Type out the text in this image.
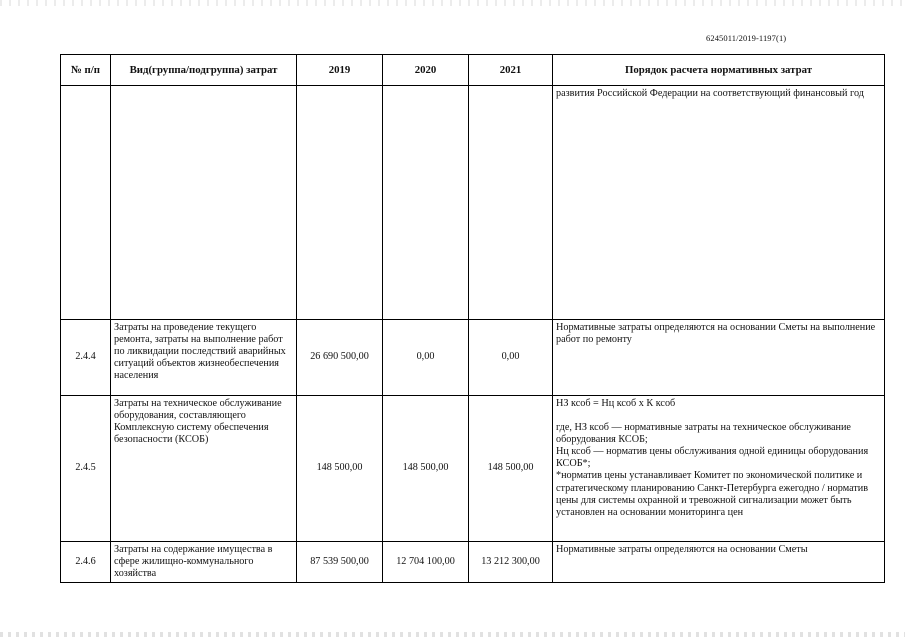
6245011/2019-1197(1)
№ п/п	Вид(группа/подгруппа) затрат	2019	2020	2021	Порядок расчета нормативных затрат
					развития Российской Федерации на соответствующий финансовый год
2.4.4	Затраты на проведение текущего ремонта, затраты на выполнение работ по ликвидации последствий аварийных ситуаций объектов жизнеобеспечения населения	26 690 500,00	0,00	0,00	Нормативные затраты определяются на основании Сметы на выполнение работ по ремонту
2.4.5	Затраты на техническое обслуживание оборудования, составляющего Комплексную систему обеспечения безопасности (КСОБ)	148 500,00	148 500,00	148 500,00	НЗ ксоб = Нц ксоб х К ксоб

где, НЗ ксоб — нормативные затраты на техническое обслуживание оборудования КСОБ;

Нц ксоб — норматив цены обслуживания одной единицы оборудования КСОБ*;

*норматив цены устанавливает Комитет по экономической политике и стратегическому планированию Санкт-Петербурга ежегодно / норматив цены для системы охранной и тревожной сигнализации может быть установлен на основании мониторинга цен

2.4.6	Затраты на содержание имущества в сфере жилищно-коммунального хозяйства	87 539 500,00	12 704 100,00	13 212 300,00	Нормативные затраты определяются на основании Сметы
